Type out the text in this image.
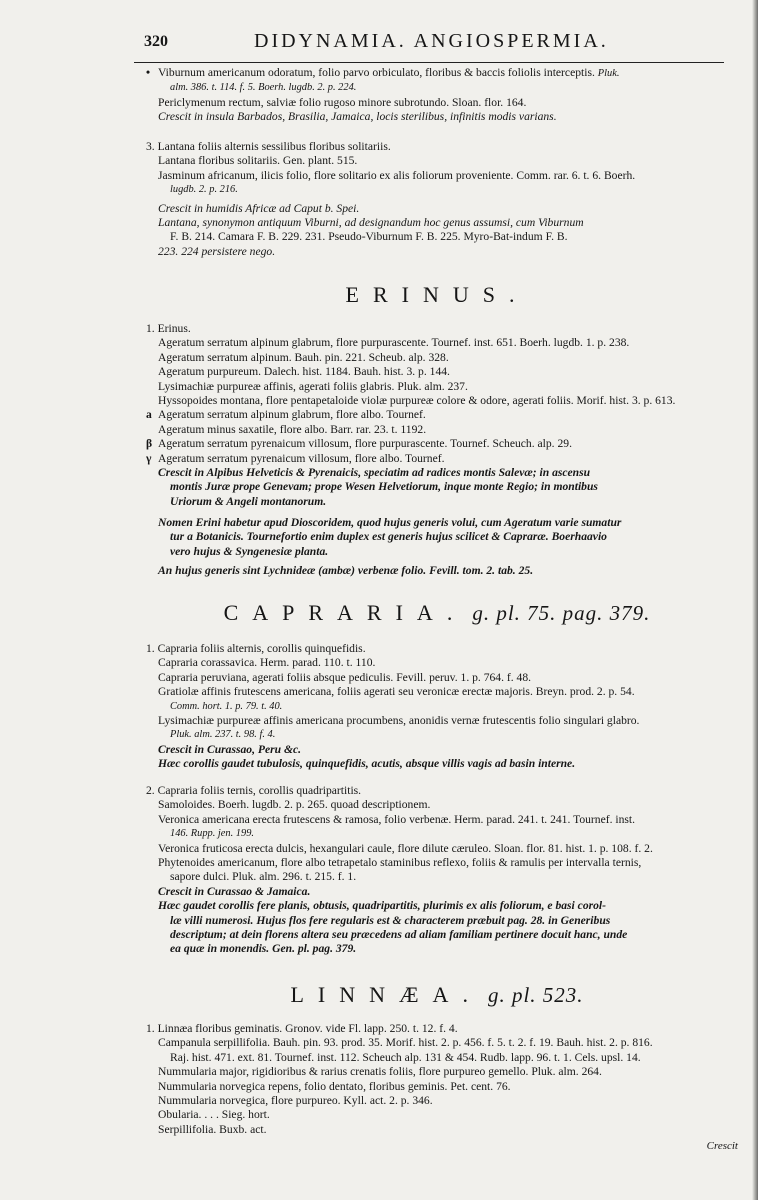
320	DIDYNAMIA. ANGIOSPERMIA.
• Viburnum americanum odoratum, folio parvo orbiculato, floribus & baccis foliolis interceptis. Pluk.
alm. 386. t. 114. f. 5. Boerh. lugdb. 2. p. 224.
Periclymenum rectum, salviæ folio rugoso minore subrotundo. Sloan. flor. 164.
Crescit in insula Barbados, Brasilia, Jamaica, locis sterilibus, infinitis modis varians.
3. Lantana foliis alternis sessilibus floribus solitariis.
Lantana floribus solitariis. Gen. plant. 515.
Jasminum africanum, ilicis folio, flore solitario ex alis foliorum proveniente. Comm. rar. 6. t. 6. Boerh.
lugdb. 2. p. 216.
Crescit in humidis Africæ ad Caput b. Spei.
Lantana, synonymon antiquum Viburni, ad designandum hoc genus assumsi, cum Viburnum
F. B. 214. Camara F. B. 229. 231. Pseudo-Viburnum F. B. 225. Myro-Bat-indum F. B.
223. 224 persistere nego.
ERINUS.
1. Erinus.
Ageratum serratum alpinum glabrum, flore purpurascente. Tournef. inst. 651. Boerh. lugdb. 1. p. 238.
Ageratum serratum alpinum. Bauh. pin. 221. Scheub. alp. 328.
Ageratum purpureum. Dalech. hist. 1184. Bauh. hist. 3. p. 144.
Lysimachiæ purpureæ affinis, agerati foliis glabris. Pluk. alm. 237.
Hyssopoides montana, flore pentapetaloide violæ purpureæ colore & odore, agerati foliis. Morif. hist. 3. p. 613.
a Ageratum serratum alpinum glabrum, flore albo. Tournef.
Ageratum minus saxatile, flore albo. Barr. rar. 23. t. 1192.
β Ageratum serratum pyrenaicum villosum, flore purpurascente. Tournef. Scheuch. alp. 29.
γ Ageratum serratum pyrenaicum villosum, flore albo. Tournef.
Crescit in Alpibus Helveticis & Pyrenaicis, speciatim ad radices montis Salevæ; in ascensu
montis Juræ prope Genevam; prope Wesen Helvetiorum, inque monte Regio; in montibus
Uriorum & Angeli montanorum.
Nomen Erini habetur apud Dioscoridem, quod hujus generis volui, cum Ageratum varie sumatur
tur a Botanicis. Tournefortio enim duplex est generis hujus scilicet & Capraræ. Boerhaavio
vero hujus & Syngenesiæ planta.
An hujus generis sint Lychnideæ (ambæ) verbenæ folio. Fevill. tom. 2. tab. 25.
CAPRARIA. g. pl. 75. pag. 379.
1. Capraria foliis alternis, corollis quinquefidis.
Capraria corassavica. Herm. parad. 110. t. 110.
Capraria peruviana, agerati foliis absque pediculis. Fevill. peruv. 1. p. 764. f. 48.
Gratiolæ affinis frutescens americana, foliis agerati seu veronicæ erectæ majoris. Breyn. prod. 2. p. 54.
Comm. hort. 1. p. 79. t. 40.
Lysimachiæ purpureæ affinis americana procumbens, anonidis vernæ frutescentis folio singulari glabro.
Pluk. alm. 237. t. 98. f. 4.
Crescit in Curassao, Peru &c.
Hæc corollis gaudet tubulosis, quinquefidis, acutis, absque villis vagis ad basin interne.
2. Capraria foliis ternis, corollis quadripartitis.
Samoloides. Boerh. lugdb. 2. p. 265. quoad descriptionem.
Veronica americana erecta frutescens & ramosa, folio verbenæ. Herm. parad. 241. t. 241. Tournef. inst.
146. Rupp. jen. 199.
Veronica fruticosa erecta dulcis, hexangulari caule, flore dilute cæruleo. Sloan. flor. 81. hist. 1. p. 108. f. 2.
Phytenoides americanum, flore albo tetrapetalo staminibus reflexo, foliis & ramulis per intervalla ternis,
sapore dulci. Pluk. alm. 296. t. 215. f. 1.
Crescit in Curassao & Jamaica.
Hæc gaudet corollis fere planis, obtusis, quadripartitis, plurimis ex alis foliorum, e basi corol-
læ villi numerosi. Hujus flos fere regularis est & characterem præbuit pag. 28. in Generibus
descriptum; at dein florens altera seu præcedens ad aliam familiam pertinere docuit hanc, unde
ea quæ in monendis. Gen. pl. pag. 379.
LINNÆA. g. pl. 523.
1. Linnæa floribus geminatis. Gronov. vide Fl. lapp. 250. t. 12. f. 4.
Campanula serpillifolia. Bauh. pin. 93. prod. 35. Morif. hist. 2. p. 456. f. 5. t. 2. f. 19. Bauh. hist. 2. p. 816.
Raj. hist. 471. ext. 81. Tournef. inst. 112. Scheuch alp. 131 & 454. Rudb. lapp. 96. t. 1. Cels. upsl. 14.
Nummularia major, rigidioribus & rarius crenatis foliis, flore purpureo gemello. Pluk. alm. 264.
Nummularia norvegica repens, folio dentato, floribus geminis. Pet. cent. 76.
Nummularia norvegica, flore purpureo. Kyll. act. 2. p. 346.
Obularia. . . . Sieg. hort.
Serpillifolia. Buxb. act.
Crescit
